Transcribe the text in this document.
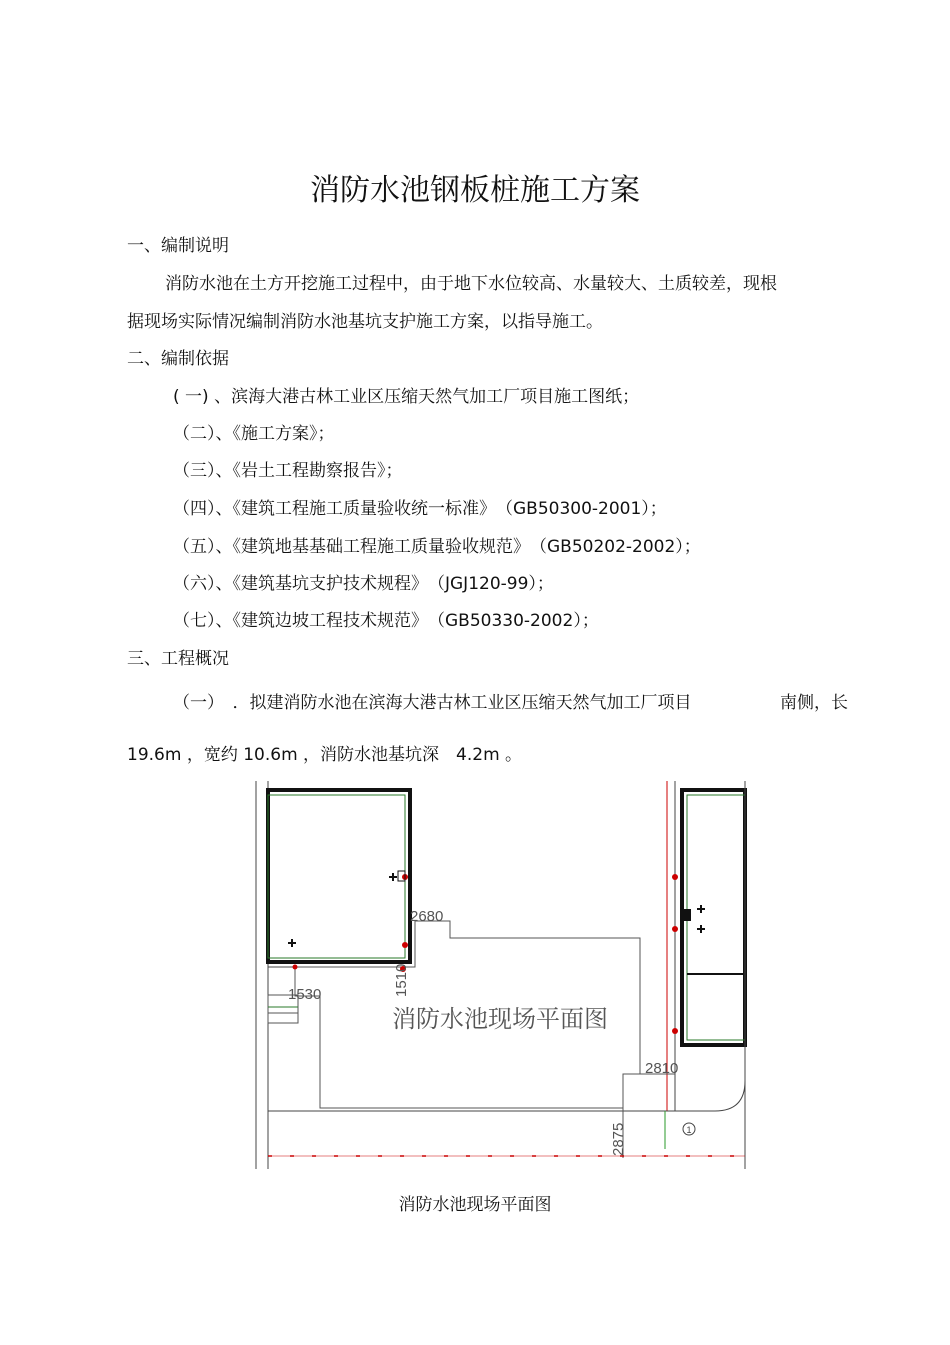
消防水池钢板桩施工方案
一、编制说明
消防水池在土方开挖施工过程中，由于地下水位较高、水量较大、土质较差，现根
据现场实际情况编制消防水池基坑支护施工方案，以指导施工。
二、编制依据
( 一) 、滨海大港古林工业区压缩天然气加工厂项目施工图纸；
（二）、《施工方案》；
（三）、《岩土工程勘察报告》；
（四）、《建筑工程施工质量验收统一标准》　（GB50300-2001）；
（五）、《建筑地基基础工程施工质量验收规范》　（GB50202-2002）；
（六）、《建筑基坑支护技术规程》　（JGJ120-99）；
（七）、《建筑边坡工程技术规范》　（GB50330-2002）；
三、工程概况
（一）　．拟建消防水池在滨海大港古林工业区压缩天然气加工厂项目	南侧，长
19.6m ，宽约 10.6m ，消防水池基坑深　4.2m 。
1
2680
1530
2810
1510
2875
消防水池现场平面图
消防水池现场平面图
